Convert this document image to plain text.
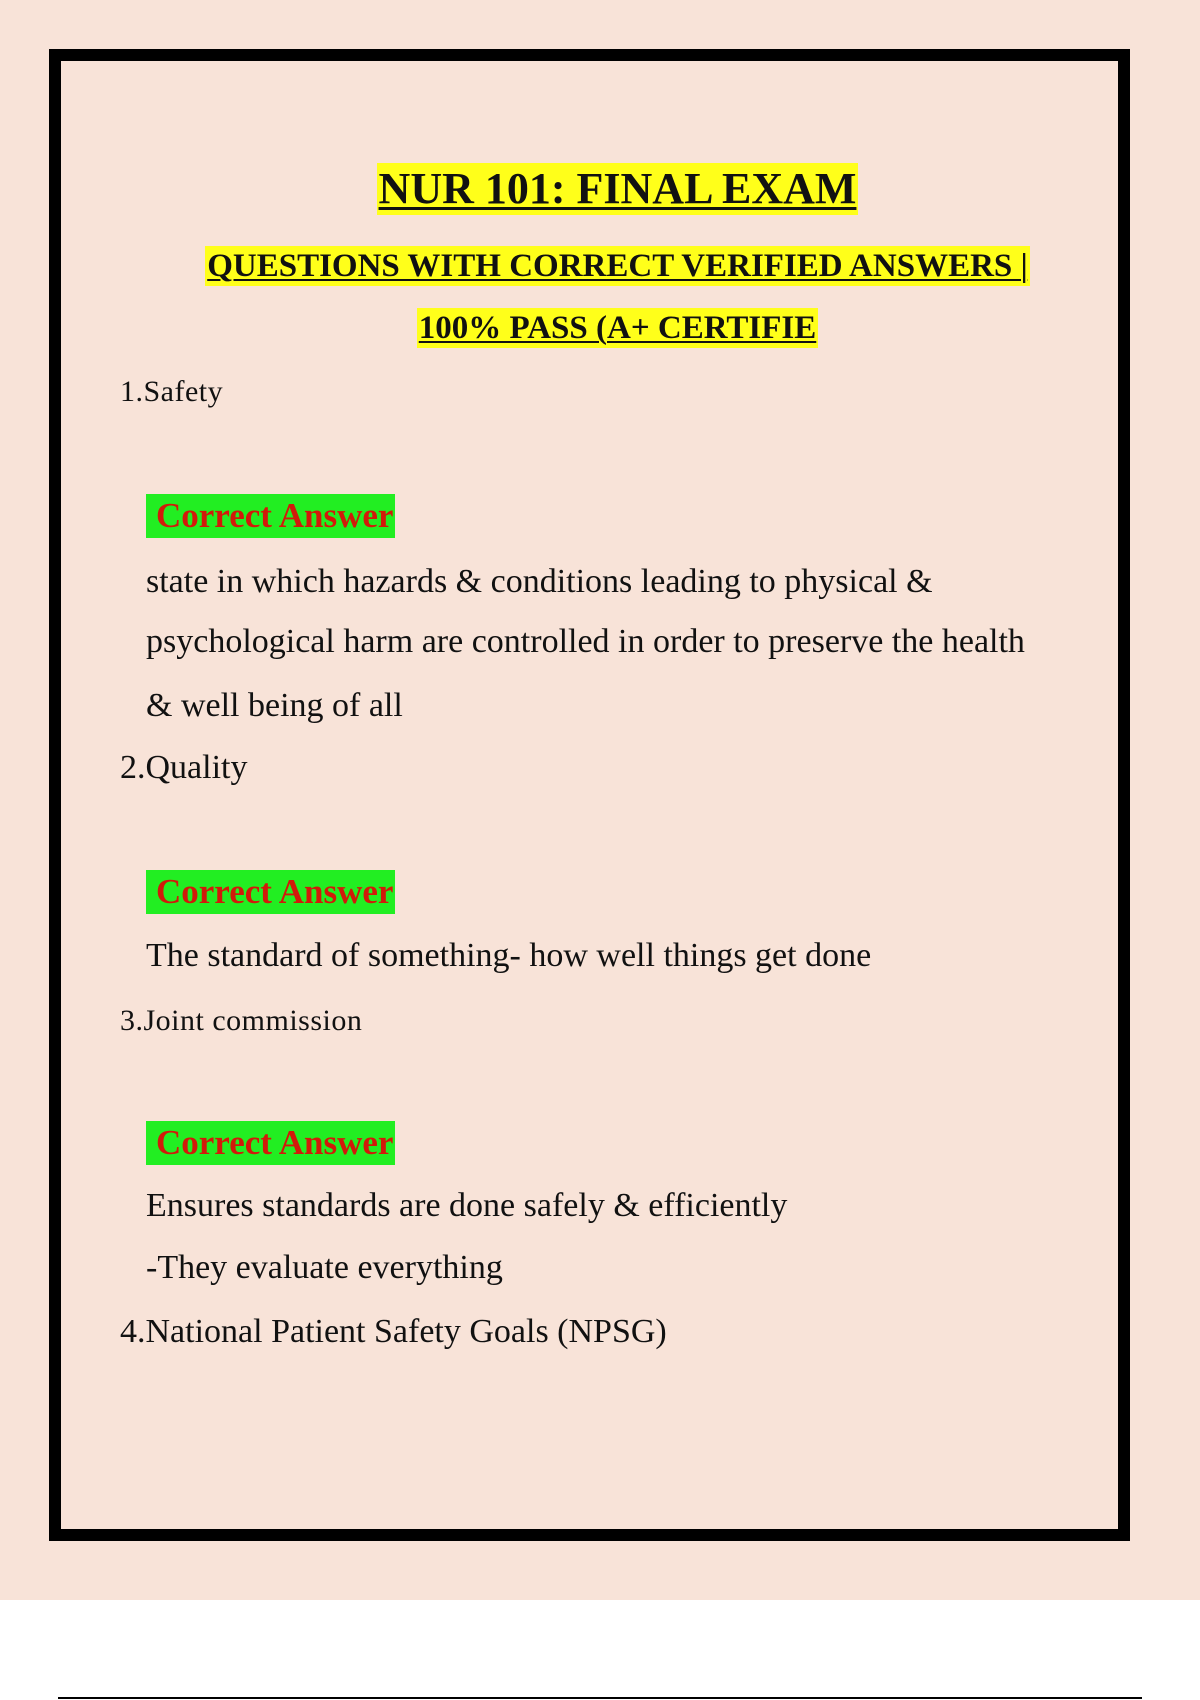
NUR 101: FINAL EXAM
QUESTIONS WITH CORRECT VERIFIED ANSWERS |
100% PASS (A+ CERTIFIE
1.Safety
Correct Answer
state in which hazards & conditions leading to physical &
psychological harm are controlled in order to preserve the health
& well being of all
2.Quality
Correct Answer
The standard of something- how well things get done
3.Joint commission
Correct Answer
Ensures standards are done safely & efficiently
-They evaluate everything
4.National Patient Safety Goals (NPSG)
